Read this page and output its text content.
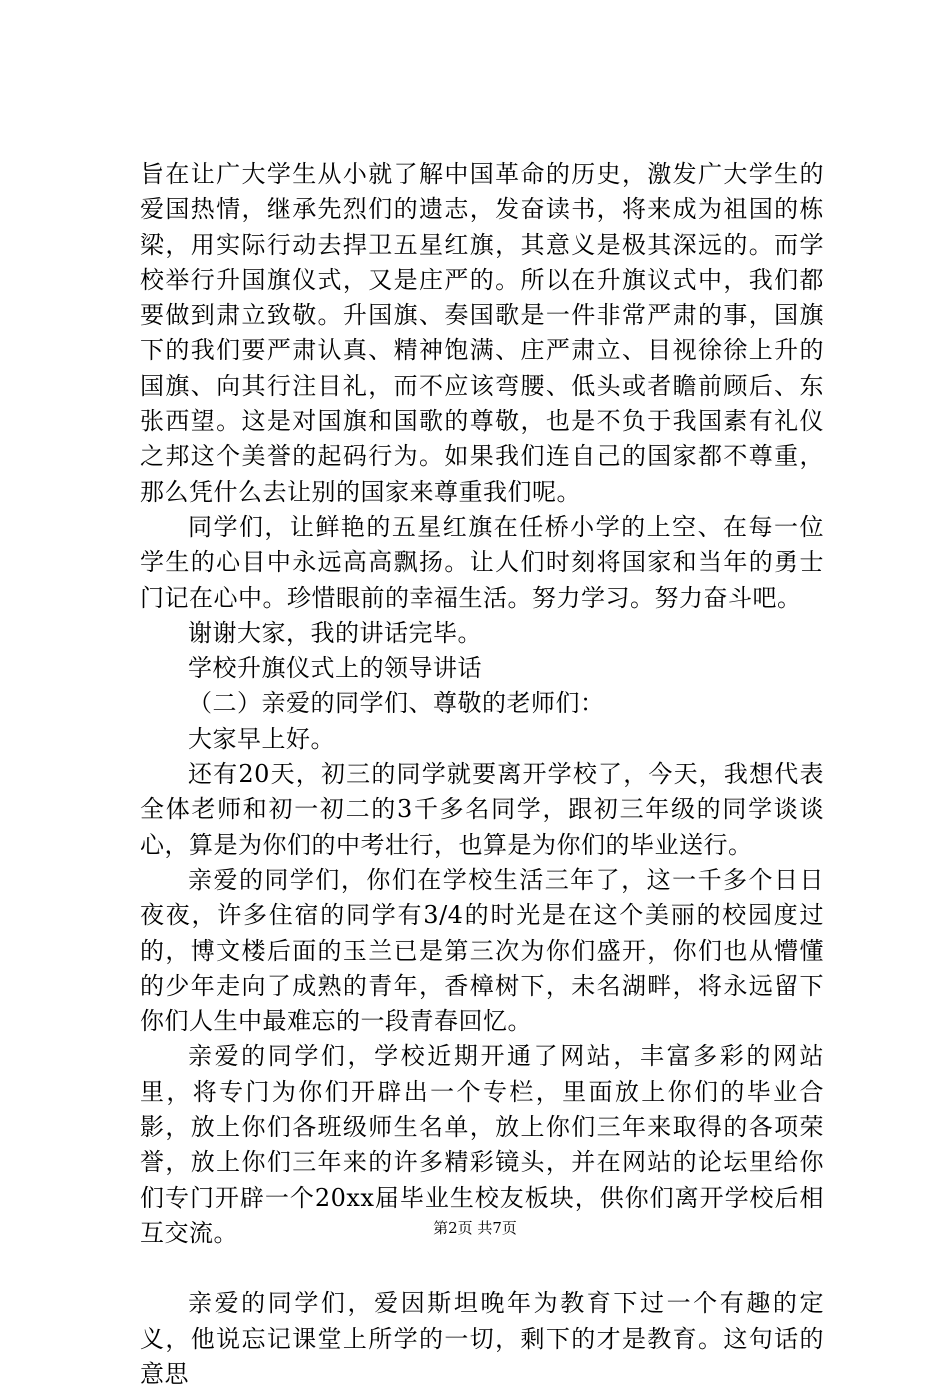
旨在让广大学生从小就了解中国革命的历史，激发广大学生的爱国热情，继承先烈们的遗志，发奋读书，将来成为祖国的栋梁，用实际行动去捍卫五星红旗，其意义是极其深远的。而学校举行升国旗仪式，又是庄严的。所以在升旗议式中，我们都要做到肃立致敬。升国旗、奏国歌是一件非常严肃的事，国旗下的我们要严肃认真、精神饱满、庄严肃立、目视徐徐上升的国旗、向其行注目礼，而不应该弯腰、低头或者瞻前顾后、东张西望。这是对国旗和国歌的尊敬，也是不负于我国素有礼仪之邦这个美誉的起码行为。如果我们连自己的国家都不尊重，那么凭什么去让别的国家来尊重我们呢。

同学们，让鲜艳的五星红旗在任桥小学的上空、在每一位学生的心目中永远高高飘扬。让人们时刻将国家和当年的勇士门记在心中。珍惜眼前的幸福生活。努力学习。努力奋斗吧。

谢谢大家，我的讲话完毕。

学校升旗仪式上的领导讲话

（二）亲爱的同学们、尊敬的老师们：

大家早上好。

还有20天，初三的同学就要离开学校了，今天，我想代表全体老师和初一初二的3千多名同学，跟初三年级的同学谈谈心，算是为你们的中考壮行，也算是为你们的毕业送行。

亲爱的同学们，你们在学校生活三年了，这一千多个日日夜夜，许多住宿的同学有3/4的时光是在这个美丽的校园度过的，博文楼后面的玉兰已是第三次为你们盛开，你们也从懵懂的少年走向了成熟的青年，香樟树下，未名湖畔，将永远留下你们人生中最难忘的一段青春回忆。

亲爱的同学们，学校近期开通了网站，丰富多彩的网站里，将专门为你们开辟出一个专栏，里面放上你们的毕业合影，放上你们各班级师生名单，放上你们三年来取得的各项荣誉，放上你们三年来的许多精彩镜头，并在网站的论坛里给你们专门开辟一个20xx届毕业生校友板块，供你们离开学校后相互交流。

亲爱的同学们，爱因斯坦晚年为教育下过一个有趣的定义，他说忘记课堂上所学的一切，剩下的才是教育。这句话的意思

第2页 共7页
